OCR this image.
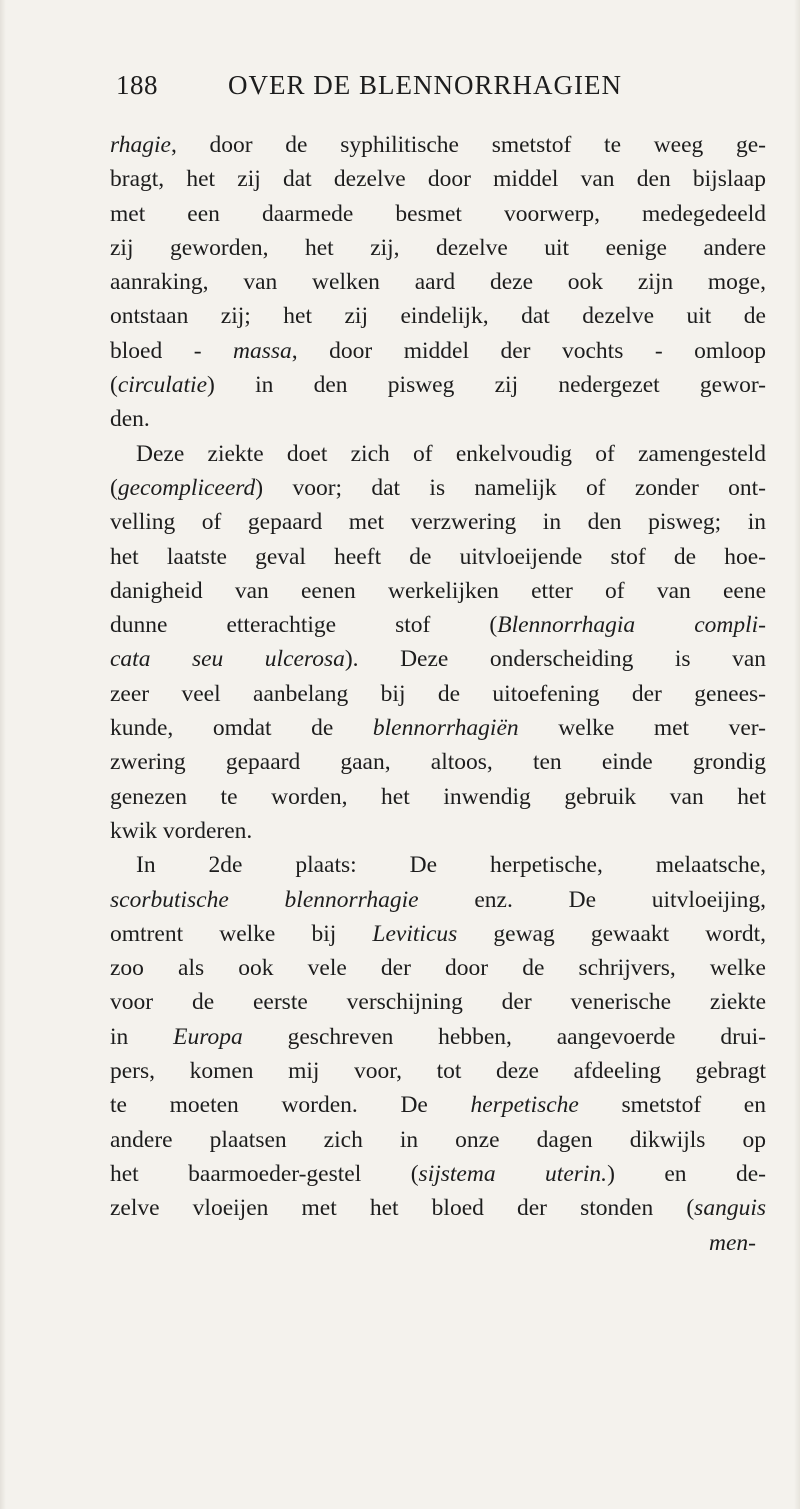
188	OVER DE BLENNORRHAGIEN
rhagie, door de syphilitische smetstof te weeg ge-
bragt, het zij dat dezelve door middel van den bijslaap
met een daarmede besmet voorwerp, medegedeeld
zij geworden, het zij, dezelve uit eenige andere
aanraking, van welken aard deze ook zijn moge,
ontstaan zij; het zij eindelijk, dat dezelve uit de
bloed - massa, door middel der vochts - omloop
(circulatie) in den pisweg zij nedergezet gewor-
den.
Deze ziekte doet zich of enkelvoudig of zamengesteld
(gecompliceerd) voor; dat is namelijk of zonder ont-
velling of gepaard met verzwering in den pisweg; in
het laatste geval heeft de uitvloeijende stof de hoe-
danigheid van eenen werkelijken etter of van eene
dunne etterachtige stof (Blennorrhagia compli-
cata seu ulcerosa). Deze onderscheiding is van
zeer veel aanbelang bij de uitoefening der genees-
kunde, omdat de blennorrhagiën welke met ver-
zwering gepaard gaan, altoos, ten einde grondig
genezen te worden, het inwendig gebruik van het
kwik vorderen.
In 2de plaats: De herpetische, melaatsche,
scorbutische blennorrhagie enz. De uitvloeijing,
omtrent welke bij Leviticus gewag gewaakt wordt,
zoo als ook vele der door de schrijvers, welke
voor de eerste verschijning der venerische ziekte
in Europa geschreven hebben, aangevoerde drui-
pers, komen mij voor, tot deze afdeeling gebragt
te moeten worden. De herpetische smetstof en
andere plaatsen zich in onze dagen dikwijls op
het baarmoeder-gestel (sijstema uterin.) en de-
zelve vloeijen met het bloed der stonden (sanguis
men-
